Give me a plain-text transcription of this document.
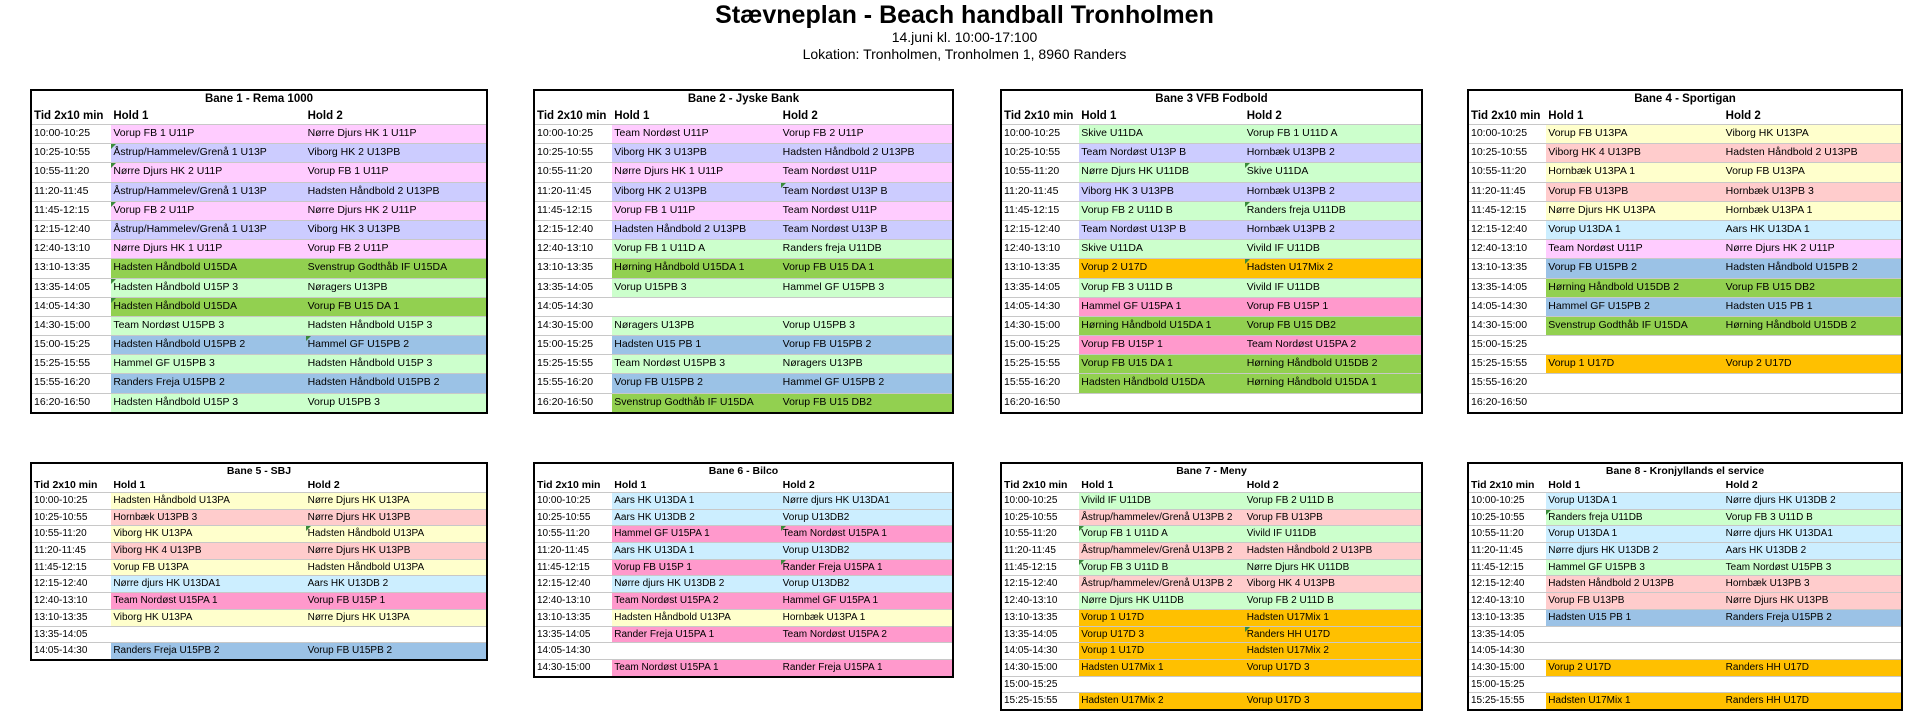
Stævneplan - Beach handball Tronholmen
14.juni kl. 10:00-17:100
Lokation: Tronholmen, Tronholmen 1, 8960 Randers
Bane 1 - Rema 1000
Tid 2x10 min Hold 1	Hold 2
10:00-10:25	Vorup FB 1 U11P	Nørre Djurs HK 1 U11P
10:25-10:55	Åstrup/Hammelev/Grenå 1 U13P	Viborg HK 2 U13PB
10:55-11:20	Nørre Djurs HK 2 U11P	Vorup FB 1 U11P
11:20-11:45	Åstrup/Hammelev/Grenå 1 U13P	Hadsten Håndbold 2 U13PB
11:45-12:15	Vorup FB 2 U11P	Nørre Djurs HK 2 U11P
12:15-12:40	Åstrup/Hammelev/Grenå 1 U13P	Viborg HK 3 U13PB
12:40-13:10	Nørre Djurs HK 1 U11P	Vorup FB 2 U11P
13:10-13:35	Hadsten Håndbold U15DA	Svenstrup Godthåb IF U15DA
13:35-14:05	Hadsten Håndbold U15P 3	Nøragers U13PB
14:05-14:30	Hadsten Håndbold U15DA	Vorup FB U15 DA 1
14:30-15:00	Team Nordøst U15PB 3	Hadsten Håndbold U15P 3
15:00-15:25	Hadsten Håndbold U15PB 2	Hammel GF U15PB 2
15:25-15:55	Hammel GF U15PB 3	Hadsten Håndbold U15P 3
15:55-16:20	Randers Freja U15PB 2	Hadsten Håndbold U15PB 2
16:20-16:50	Hadsten Håndbold U15P 3	Vorup U15PB 3
Bane 2 - Jyske Bank
Tid 2x10 min Hold 1	Hold 2
10:00-10:25	Team Nordøst U11P	Vorup FB 2 U11P
10:25-10:55	Viborg HK 3 U13PB	Hadsten Håndbold 2 U13PB
10:55-11:20	Nørre Djurs HK 1 U11P	Team Nordøst U11P
11:20-11:45	Viborg HK 2 U13PB	Team Nordøst U13P B
11:45-12:15	Vorup FB 1 U11P	Team Nordøst U11P
12:15-12:40	Hadsten Håndbold 2 U13PB	Team Nordøst U13P B
12:40-13:10	Vorup FB 1 U11D A	Randers freja U11DB
13:10-13:35	Hørning Håndbold U15DA 1	Vorup FB U15 DA 1
13:35-14:05	Vorup U15PB 3	Hammel GF U15PB 3
14:05-14:30
14:30-15:00	Nøragers U13PB	Vorup U15PB 3
15:00-15:25	Hadsten U15 PB 1	Vorup FB U15PB 2
15:25-15:55	Team Nordøst U15PB 3	Nøragers U13PB
15:55-16:20	Vorup FB U15PB 2	Hammel GF U15PB 2
16:20-16:50	Svenstrup Godthåb IF U15DA	Vorup FB U15 DB2
Bane 3 VFB Fodbold
Tid 2x10 min Hold 1	Hold 2
10:00-10:25	Skive U11DA	Vorup FB 1 U11D A
10:25-10:55	Team Nordøst U13P B	Hornbæk U13PB 2
10:55-11:20	Nørre Djurs HK U11DB	Skive U11DA
11:20-11:45	Viborg HK 3 U13PB	Hornbæk U13PB 2
11:45-12:15	Vorup FB 2 U11D B	Randers freja U11DB
12:15-12:40	Team Nordøst U13P B	Hornbæk U13PB 2
12:40-13:10	Skive U11DA	Vivild IF U11DB
13:10-13:35	Vorup 2 U17D	Hadsten U17Mix 2
13:35-14:05	Vorup FB 3 U11D B	Vivild IF U11DB
14:05-14:30	Hammel GF U15PA 1	Vorup FB U15P 1
14:30-15:00	Hørning Håndbold U15DA 1	Vorup FB U15 DB2
15:00-15:25	Vorup FB U15P 1	Team Nordøst U15PA 2
15:25-15:55	Vorup FB U15 DA 1	Hørning Håndbold U15DB 2
15:55-16:20	Hadsten Håndbold U15DA	Hørning Håndbold U15DA 1
16:20-16:50
Bane 4 - Sportigan
Tid 2x10 min Hold 1	Hold 2
10:00-10:25	Vorup FB U13PA	Viborg HK U13PA
10:25-10:55	Viborg HK 4 U13PB	Hadsten Håndbold 2 U13PB
10:55-11:20	Hornbæk U13PA 1	Vorup FB U13PA
11:20-11:45	Vorup FB U13PB	Hornbæk U13PB 3
11:45-12:15	Nørre Djurs HK U13PA	Hornbæk U13PA 1
12:15-12:40	Vorup U13DA 1	Aars HK U13DA 1
12:40-13:10	Team Nordøst U11P	Nørre Djurs HK 2 U11P
13:10-13:35	Vorup FB U15PB 2	Hadsten Håndbold U15PB 2
13:35-14:05	Hørning Håndbold U15DB 2	Vorup FB U15 DB2
14:05-14:30	Hammel GF U15PB 2	Hadsten U15 PB 1
14:30-15:00	Svenstrup Godthåb IF U15DA	Hørning Håndbold U15DB 2
15:00-15:25
15:25-15:55	Vorup 1 U17D	Vorup 2 U17D
15:55-16:20
16:20-16:50
Bane 5 - SBJ
Tid 2x10 min	Hold 1	Hold 2
10:00-10:25	Hadsten Håndbold U13PA	Nørre Djurs HK U13PA
10:25-10:55	Hornbæk U13PB 3	Nørre Djurs HK U13PB
10:55-11:20	Viborg HK U13PA	Hadsten Håndbold U13PA
11:20-11:45	Viborg HK 4 U13PB	Nørre Djurs HK U13PB
11:45-12:15	Vorup FB U13PA	Hadsten Håndbold U13PA
12:15-12:40	Nørre djurs HK U13DA1	Aars HK U13DB 2
12:40-13:10	Team Nordøst U15PA 1	Vorup FB U15P 1
13:10-13:35	Viborg HK U13PA	Nørre Djurs HK U13PA
13:35-14:05
14:05-14:30	Randers Freja U15PB 2	Vorup FB U15PB 2
Bane 6 - Bilco
Tid 2x10 min	Hold 1	Hold 2
10:00-10:25	Aars HK U13DA 1	Nørre djurs HK U13DA1
10:25-10:55	Aars HK U13DB 2	Vorup U13DB2
10:55-11:20	Hammel GF U15PA 1	Team Nordøst U15PA 1
11:20-11:45	Aars HK U13DA 1	Vorup U13DB2
11:45-12:15	Vorup FB U15P 1	Rander Freja U15PA 1
12:15-12:40	Nørre djurs HK U13DB 2	Vorup U13DB2
12:40-13:10	Team Nordøst U15PA 2	Hammel GF U15PA 1
13:10-13:35	Hadsten Håndbold U13PA	Hornbæk U13PA 1
13:35-14:05	Rander Freja U15PA 1	Team Nordøst U15PA 2
14:05-14:30
14:30-15:00	Team Nordøst U15PA 1	Rander Freja U15PA 1
Bane 7 - Meny
Tid 2x10 min	Hold 1	Hold 2
10:00-10:25	Vivild IF U11DB	Vorup FB 2 U11D B
10:25-10:55	Åstrup/hammelev/Grenå U13PB 2	Vorup FB U13PB
10:55-11:20	Vorup FB 1 U11D A	Vivild IF U11DB
11:20-11:45	Åstrup/hammelev/Grenå U13PB 2	Hadsten Håndbold 2 U13PB
11:45-12:15	Vorup FB 3 U11D B	Nørre Djurs HK U11DB
12:15-12:40	Åstrup/hammelev/Grenå U13PB 2	Viborg HK 4 U13PB
12:40-13:10	Nørre Djurs HK U11DB	Vorup FB 2 U11D B
13:10-13:35	Vorup 1 U17D	Hadsten U17Mix 1
13:35-14:05	Vorup U17D 3	Randers HH U17D
14:05-14:30	Vorup 1 U17D	Hadsten U17Mix 2
14:30-15:00	Hadsten U17Mix 1	Vorup U17D 3
15:00-15:25
15:25-15:55	Hadsten U17Mix 2	Vorup U17D 3
Bane 8 - Kronjyllands el service
Tid 2x10 min	Hold 1	Hold 2
10:00-10:25	Vorup U13DA 1	Nørre djurs HK U13DB 2
10:25-10:55	Randers freja U11DB	Vorup FB 3 U11D B
10:55-11:20	Vorup U13DA 1	Nørre djurs HK U13DA1
11:20-11:45	Nørre djurs HK U13DB 2	Aars HK U13DB 2
11:45-12:15	Hammel GF U15PB 3	Team Nordøst U15PB 3
12:15-12:40	Hadsten Håndbold 2 U13PB	Hornbæk U13PB 3
12:40-13:10	Vorup FB U13PB	Nørre Djurs HK U13PB
13:10-13:35	Hadsten U15 PB 1	Randers Freja U15PB 2
13:35-14:05
14:05-14:30
14:30-15:00	Vorup 2 U17D	Randers HH U17D
15:00-15:25
15:25-15:55	Hadsten U17Mix 1	Randers HH U17D
